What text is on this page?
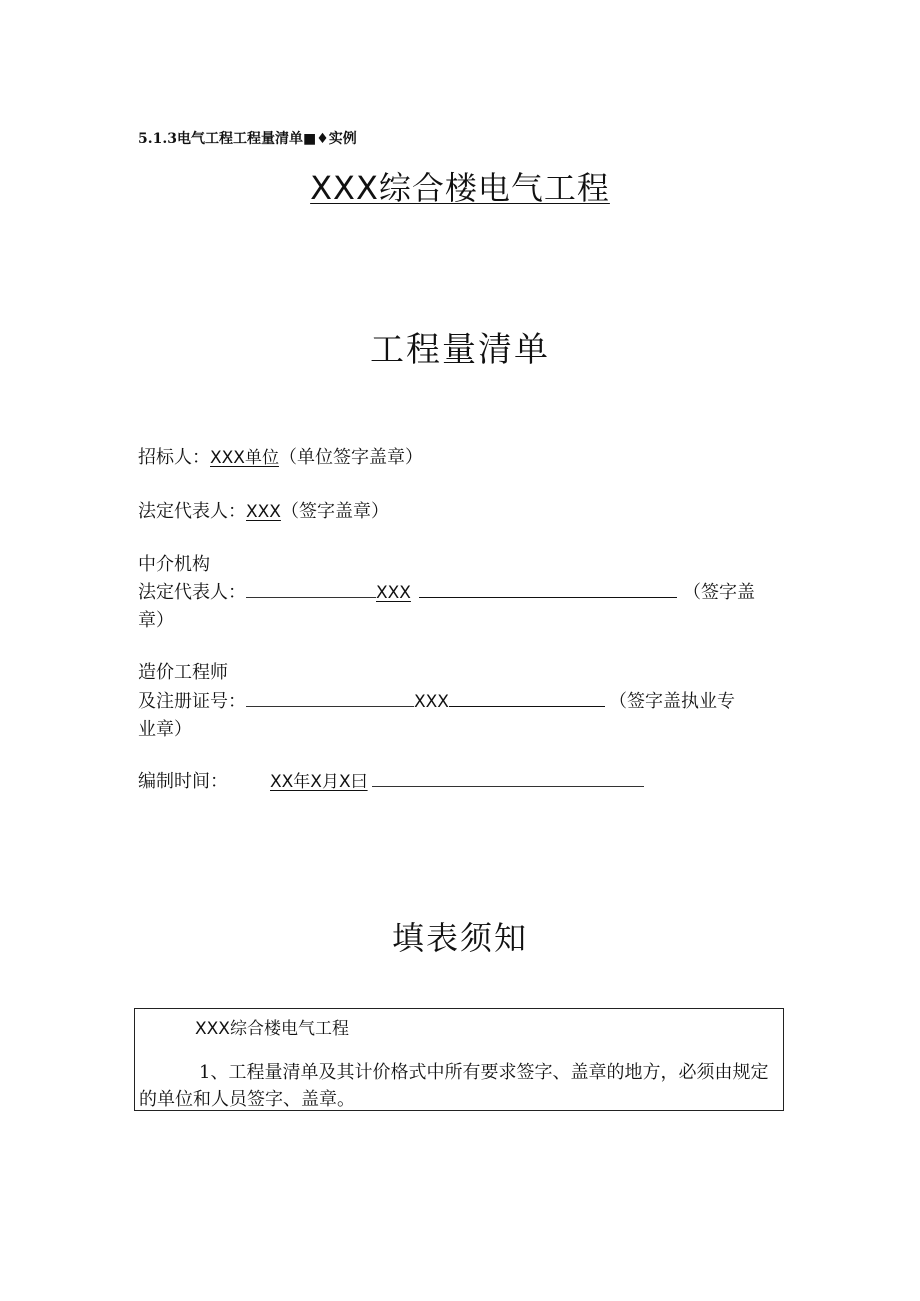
5.1.3电气工程工程量清单■♦实例
XXX综合楼电气工程
工程量清单
招标人：XXX单位（单位签字盖章）
法定代表人：XXX（签字盖章）
中介机构
法定代表人：	XXX	（签字盖
章）
造价工程师
及注册证号：	XXX	（签字盖执业专
业章）
编制时间： XX年X月X曰
填表须知
XXX综合楼电气工程
1、工程量清单及其计价格式中所有要求签字、盖章的地方，必须由规定的单位和人员签字、盖章。
